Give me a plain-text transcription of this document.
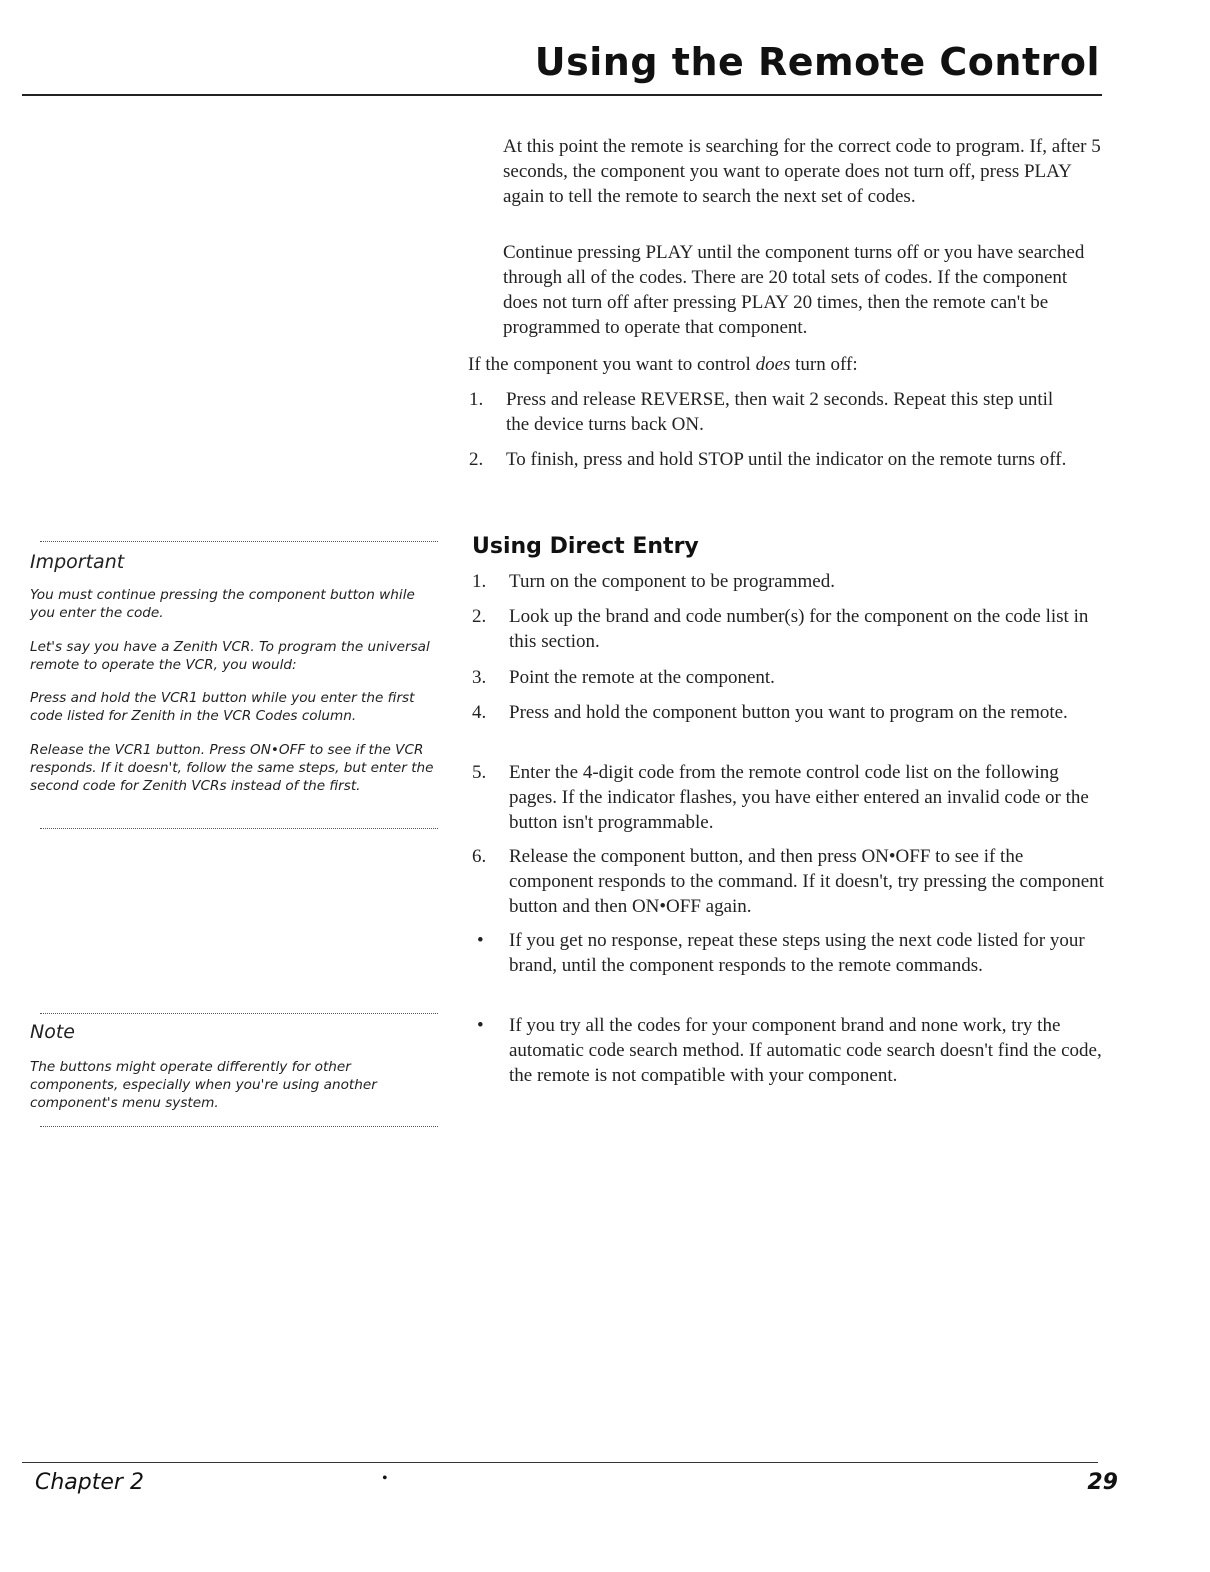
Using the Remote Control

At this point the remote is searching for the correct code to program. If, after 5 seconds, the component you want to operate does not turn off, press PLAY again to tell the remote to search the next set of codes.

Continue pressing PLAY until the component turns off or you have searched through all of the codes. There are 20 total sets of codes. If the component does not turn off after pressing PLAY 20 times, then the remote can't be programmed to operate that component.

If the component you want to control does turn off:

1. Press and release REVERSE, then wait 2 seconds. Repeat this step until the device turns back ON.
2. To finish, press and hold STOP until the indicator on the remote turns off.
Using Direct Entry
1. Turn on the component to be programmed.
2. Look up the brand and code number(s) for the component on the code list in this section.
3. Point the remote at the component.
4. Press and hold the component button you want to program on the remote.
5. Enter the 4-digit code from the remote control code list on the following pages. If the indicator flashes, you have either entered an invalid code or the button isn't programmable.
6. Release the component button, and then press ON•OFF to see if the component responds to the command. If it doesn't, try pressing the component button and then ON•OFF again.
• If you get no response, repeat these steps using the next code listed for your brand, until the component responds to the remote commands.
• If you try all the codes for your component brand and none work, try the automatic code search method. If automatic code search doesn't find the code, the remote is not compatible with your component.
Important

You must continue pressing the component button while you enter the code.

Let's say you have a Zenith VCR. To program the universal remote to operate the VCR, you would:

Press and hold the VCR1 button while you enter the first code listed for Zenith in the VCR Codes column.

Release the VCR1 button. Press ON•OFF to see if the VCR responds. If it doesn't, follow the same steps, but enter the second code for Zenith VCRs instead of the first.

Note

The buttons might operate differently for other components, especially when you're using another component's menu system.

Chapter 2	•	29
